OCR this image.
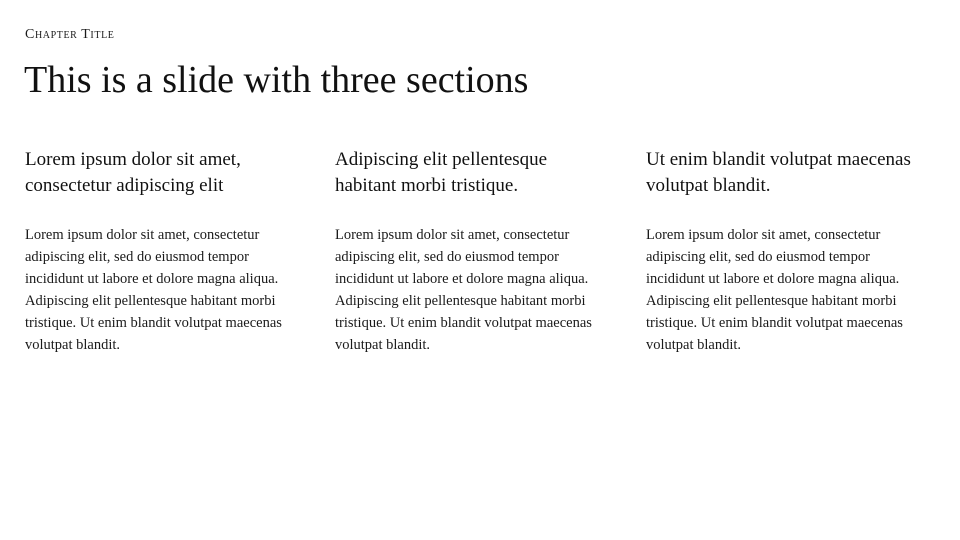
Chapter Title
This is a slide with three sections
Lorem ipsum dolor sit amet, consectetur adipiscing elit

Lorem ipsum dolor sit amet, consectetur adipiscing elit, sed do eiusmod tempor incididunt ut labore et dolore magna aliqua. Adipiscing elit pellentesque habitant morbi tristique. Ut enim blandit volutpat maecenas volutpat blandit.

Adipiscing elit pellentesque habitant morbi tristique.

Lorem ipsum dolor sit amet, consectetur adipiscing elit, sed do eiusmod tempor incididunt ut labore et dolore magna aliqua. Adipiscing elit pellentesque habitant morbi tristique. Ut enim blandit volutpat maecenas volutpat blandit.

Ut enim blandit volutpat maecenas volutpat blandit.

Lorem ipsum dolor sit amet, consectetur adipiscing elit, sed do eiusmod tempor incididunt ut labore et dolore magna aliqua. Adipiscing elit pellentesque habitant morbi tristique. Ut enim blandit volutpat maecenas volutpat blandit.
